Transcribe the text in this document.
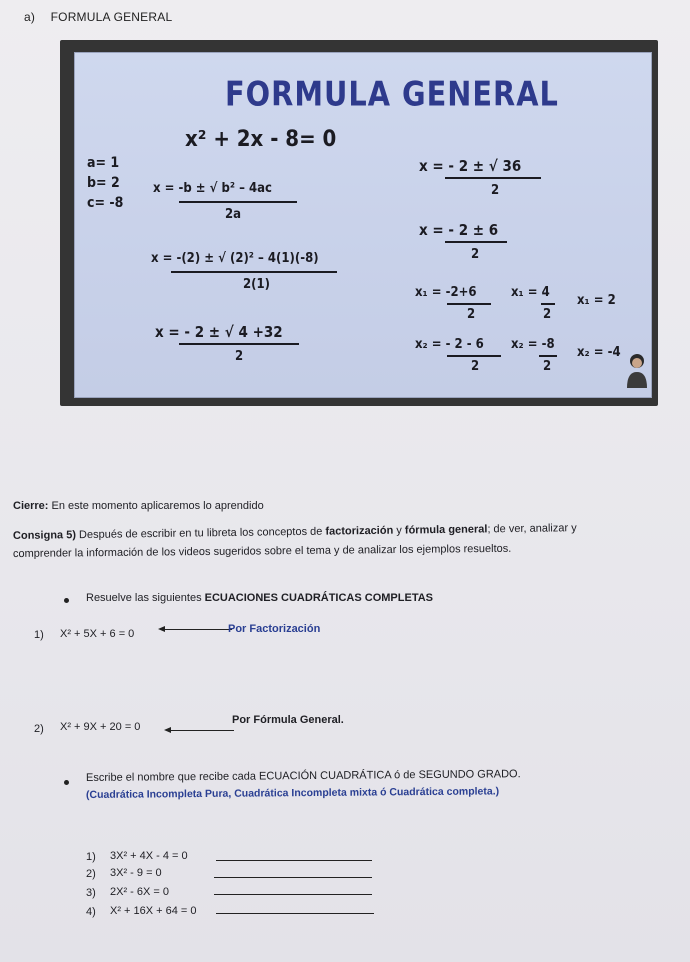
a) FORMULA GENERAL
FORMULA GENERAL
x² + 2x - 8= 0
a= 1
b= 2
c= -8
x = -b ± √ b² – 4ac
2a
x = -(2) ± √ (2)² – 4(1)(-8)
2(1)
x = - 2 ± √ 4 +32
2
x = - 2 ± √ 36
2
x = - 2 ± 6
2
x₁ = -2+6
2
x₁ = 4
2
x₁ = 2
x₂ = - 2 - 6
2
x₂ = -8
2
x₂ = -4
Cierre: En este momento aplicaremos lo aprendido
Consigna 5) Después de escribir en tu libreta los conceptos de factorización y fórmula general; de ver, analizar y
comprender la información de los videos sugeridos sobre el tema y de analizar los ejemplos resueltos.
Resuelve las siguientes ECUACIONES CUADRÁTICAS COMPLETAS
1) X² + 5X + 6 = 0	Por Factorización
2) X² + 9X + 20 = 0
Por Fórmula General.
Escribe el nombre que recibe cada ECUACIÓN CUADRÁTICA ó de SEGUNDO GRADO.
(Cuadrática Incompleta Pura, Cuadrática Incompleta mixta ó Cuadrática completa.)
1) 3X² + 4X - 4 = 0
2) 3X² - 9 = 0
3) 2X² - 6X = 0
4) X² + 16X + 64 = 0
